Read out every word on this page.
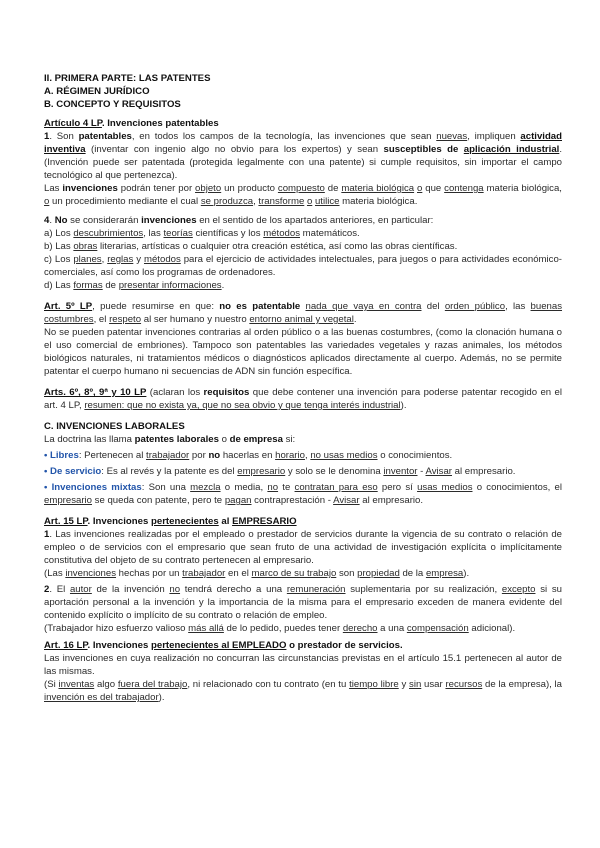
II. PRIMERA PARTE: LAS PATENTES

A. RÉGIMEN JURÍDICO

B. CONCEPTO Y REQUISITOS

Artículo 4 LP. Invenciones patentables

1. Son patentables, en todos los campos de la tecnología, las invenciones que sean nuevas, impliquen actividad inventiva (inventar con ingenio algo no obvio para los expertos) y sean susceptibles de aplicación industrial. (Invención puede ser patentada (protegida legalmente con una patente) si cumple requisitos, sin importar el campo tecnológico al que pertenezca).

Las invenciones podrán tener por objeto un producto compuesto de materia biológica o que contenga materia biológica, o un procedimiento mediante el cual se produzca, transforme o utilice materia biológica.

4. No se considerarán invenciones en el sentido de los apartados anteriores, en particular:

a) Los descubrimientos, las teorías científicas y los métodos matemáticos.

b) Las obras literarias, artísticas o cualquier otra creación estética, así como las obras científicas.

c) Los planes, reglas y métodos para el ejercicio de actividades intelectuales, para juegos o para actividades económico-comerciales, así como los programas de ordenadores.

d) Las formas de presentar informaciones.

Art. 5º LP, puede resumirse en que: no es patentable nada que vaya en contra del orden público, las buenas costumbres, el respeto al ser humano y nuestro entorno animal y vegetal.

No se pueden patentar invenciones contrarias al orden público o a las buenas costumbres, (como la clonación humana o el uso comercial de embriones). Tampoco son patentables las variedades vegetales y razas animales, los métodos biológicos naturales, ni tratamientos médicos o diagnósticos aplicados directamente al cuerpo. Además, no se permite patentar el cuerpo humano ni secuencias de ADN sin función específica.

Arts. 6º, 8º, 9ª y 10 LP (aclaran los requisitos que debe contener una invención para poderse patentar recogido en el art. 4 LP, resumen: que no exista ya, que no sea obvio y que tenga interés industrial).

C. INVENCIONES LABORALES

La doctrina las llama patentes laborales o de empresa si:

• Libres: Pertenecen al trabajador por no hacerlas en horario, no usas medios o conocimientos.

• De servicio: Es al revés y la patente es del empresario y solo se le denomina inventor - Avisar al empresario.

• Invenciones mixtas: Son una mezcla o media, no te contratan para eso pero sí usas medios o conocimientos, el empresario se queda con patente, pero te pagan contraprestación - Avisar al empresario.

Art. 15 LP. Invenciones pertenecientes al EMPRESARIO

1. Las invenciones realizadas por el empleado o prestador de servicios durante la vigencia de su contrato o relación de empleo o de servicios con el empresario que sean fruto de una actividad de investigación explícita o implícitamente constitutiva del objeto de su contrato pertenecen al empresario.

(Las invenciones hechas por un trabajador en el marco de su trabajo son propiedad de la empresa).

2. El autor de la invención no tendrá derecho a una remuneración suplementaria por su realización, excepto si su aportación personal a la invención y la importancia de la misma para el empresario exceden de manera evidente del contenido explícito o implícito de su contrato o relación de empleo.

(Trabajador hizo esfuerzo valioso más allá de lo pedido, puedes tener derecho a una compensación adicional).

Art. 16 LP. Invenciones pertenecientes al EMPLEADO o prestador de servicios.

Las invenciones en cuya realización no concurran las circunstancias previstas en el artículo 15.1 pertenecen al autor de las mismas.

(Si inventas algo fuera del trabajo, ni relacionado con tu contrato (en tu tiempo libre y sin usar recursos de la empresa), la invención es del trabajador).
